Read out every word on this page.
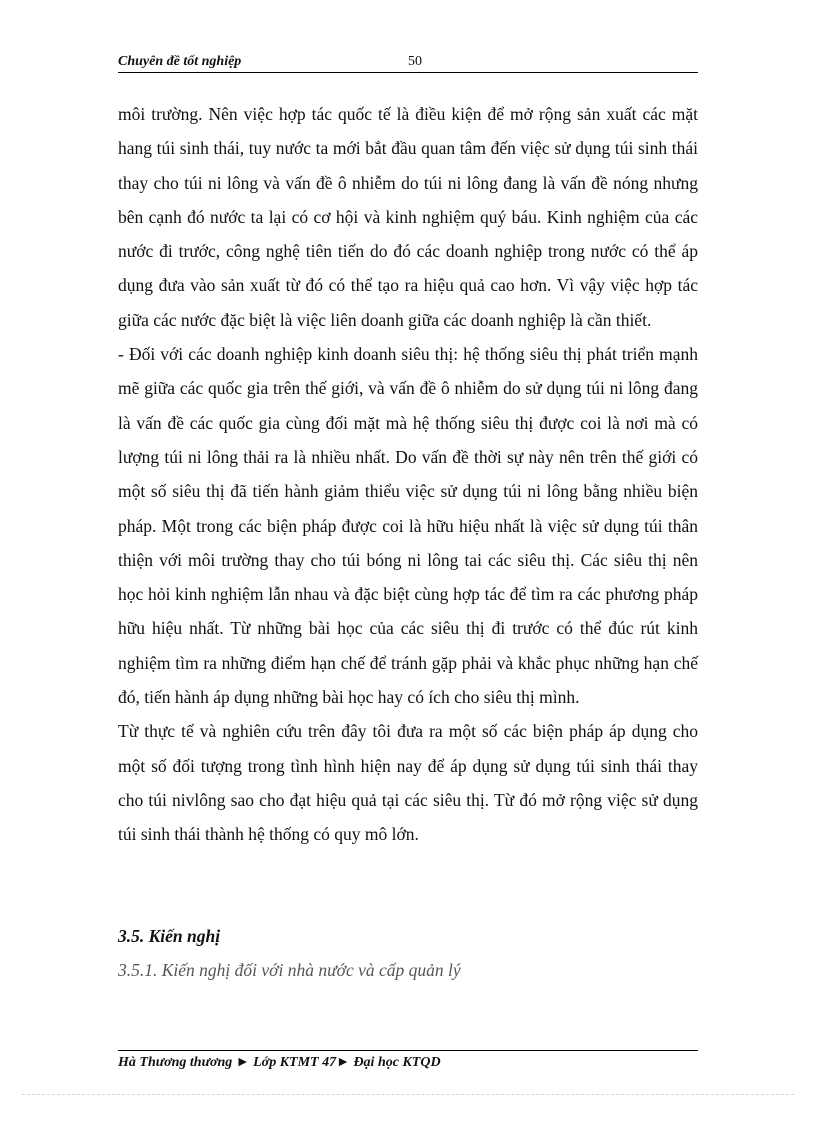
Chuyên đề tốt nghiệp	50

môi trường. Nên việc hợp tác quốc tế là điều kiện để mở rộng sản xuất các mặt hang túi sinh thái, tuy nước ta mới bắt đầu quan tâm đến việc sử dụng túi sinh thái thay cho túi ni lông và vấn đề ô nhiễm do túi ni lông đang là vấn đề nóng nhưng bên cạnh đó nước ta lại có cơ hội và kinh nghiệm quý báu. Kinh nghiệm của các nước đi trước, công nghệ tiên tiến do đó các doanh nghiệp trong nước có thể áp dụng đưa vào sản xuất từ đó có thể tạo ra hiệu quả cao hơn. Vì vậy việc hợp tác giữa các nước đặc biệt là việc liên doanh giữa các doanh nghiệp là cần thiết.

- Đối với các doanh nghiệp kinh doanh siêu thị: hệ thống siêu thị phát triển mạnh mẽ giữa các quốc gia trên thế giới, và vấn đề ô nhiễm do sử dụng túi ni lông đang là vấn đề các quốc gia cùng đối mặt mà hệ thống siêu thị được coi là nơi mà có lượng túi ni lông thải ra là nhiều nhất. Do vấn đề thời sự này nên trên thế giới có một số siêu thị đã tiến hành giảm thiểu việc sử dụng túi ni lông bằng nhiều biện pháp. Một trong các biện pháp được coi là hữu hiệu nhất là việc sử dụng túi thân thiện với môi trường thay cho túi bóng ni lông tai các siêu thị. Các siêu thị nên học hỏi kinh nghiệm lẫn nhau và đặc biệt cùng hợp tác để tìm ra các phương pháp hữu hiệu nhất. Từ những bài học của các siêu thị đi trước có thể đúc rút kinh nghiệm tìm ra những điểm hạn chế để tránh gặp phải và khắc phục những hạn chế đó, tiến hành áp dụng những bài học hay có ích cho siêu thị mình.

Từ thực tế và nghiên cứu trên đây tôi đưa ra một số các biện pháp áp dụng cho một số đối tượng trong tình hình hiện nay để áp dụng sử dụng túi sinh thái thay cho túi nivlông sao cho đạt hiệu quả tại các siêu thị. Từ đó mở rộng việc sử dụng túi sinh thái thành hệ thống có quy mô lớn.

3.5. Kiến nghị
3.5.1. Kiến nghị đối với nhà nước và cấp quản lý
Hà Thương thương ► Lớp KTMT 47► Đại học KTQD
